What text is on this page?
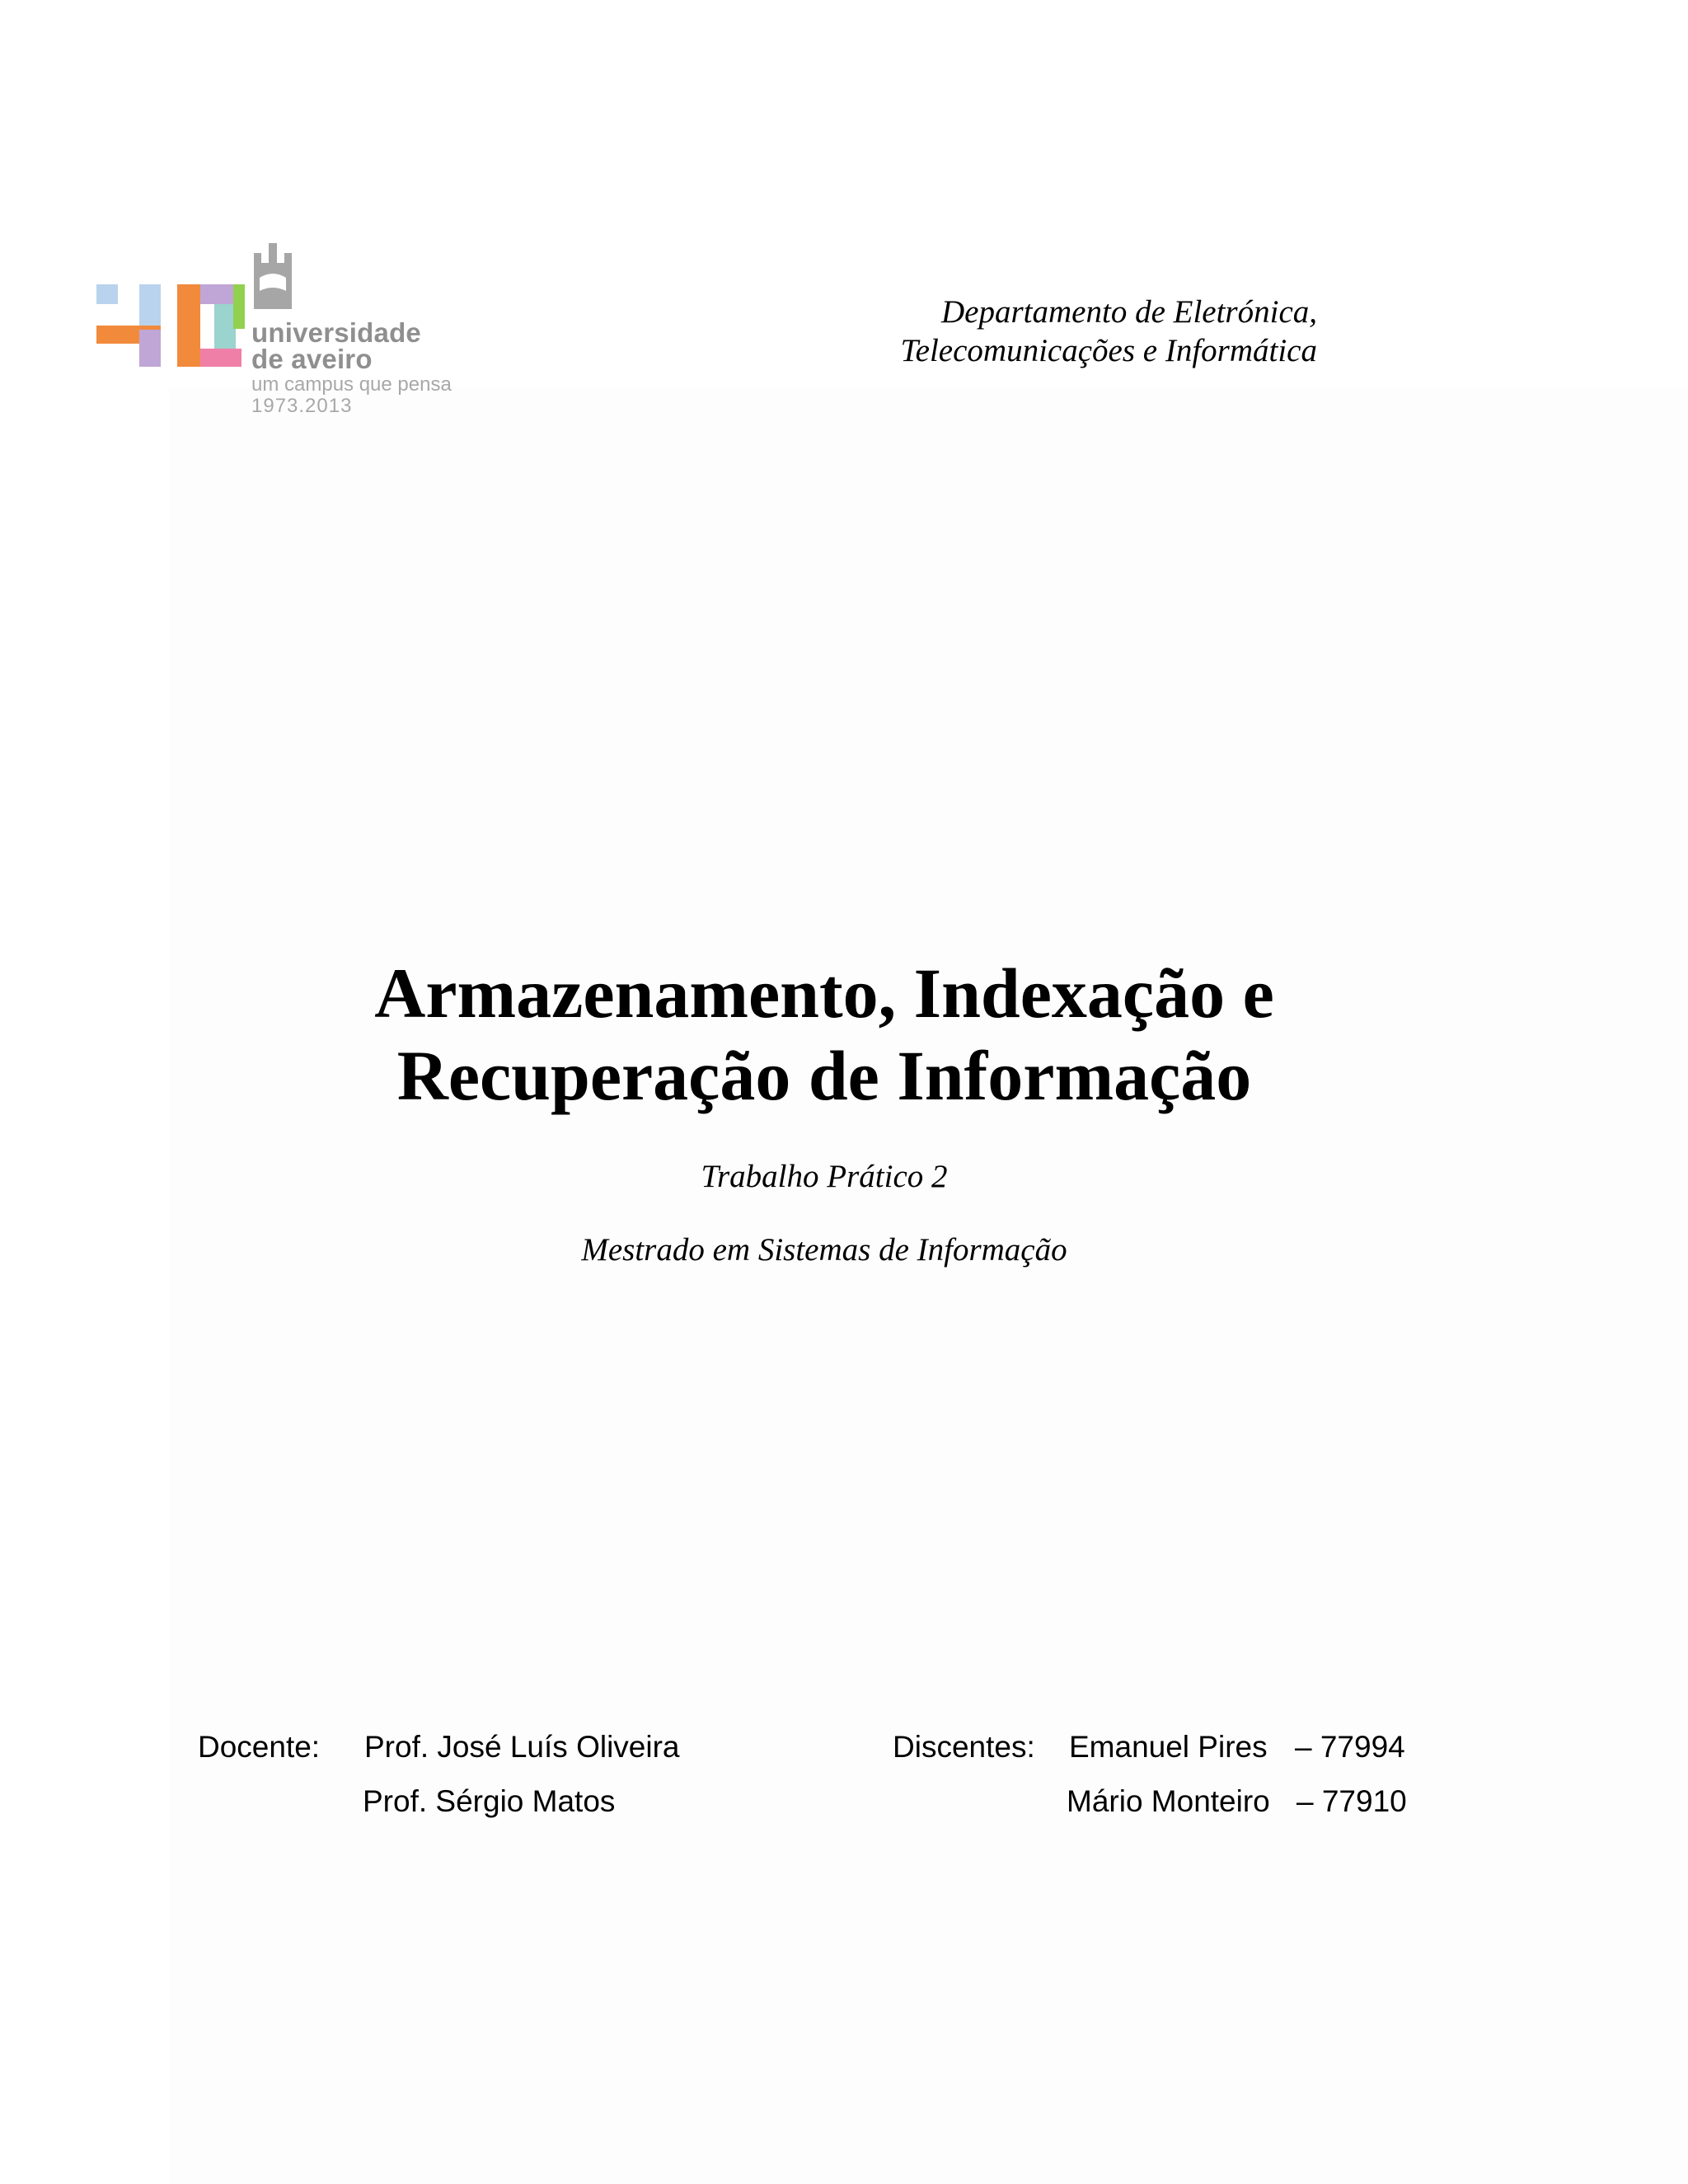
universidade
de aveiro
um campus que pensa
1973.2013
Departamento de Eletrónica,
Telecomunicações e Informática
Armazenamento, Indexação e
Recuperação de Informação
Trabalho Prático 2
Mestrado em Sistemas de Informação
Docente: Prof. José Luís Oliveira
Prof. Sérgio Matos
Discentes: Emanuel Pires – 77994
Mário Monteiro – 77910
